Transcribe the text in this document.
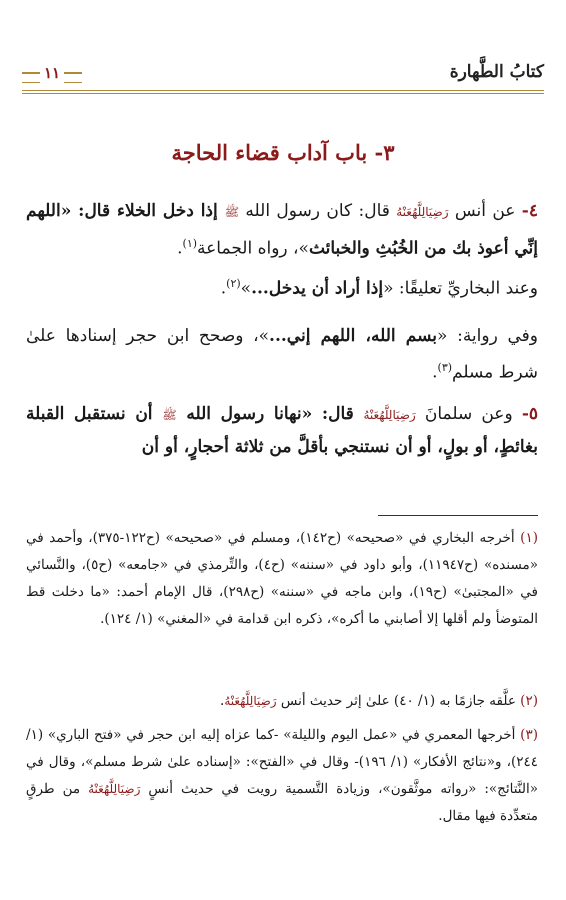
كتابُ الطَّهارة
١١
٣- باب آداب قضاء الحاجة
٤- عن أنس رَضِيَالِلَّهُعَنْهُ قال: كان رسول الله ﷺ إذا دخل الخلاء قال: «اللهم إنِّي أعوذ بك من الخُبُثِ والخبائث»، رواه الجماعة$^{(١)}$.
وعند البخاريِّ تعليقًا: «إذا أراد أن يدخل...»$^{(٢)}$.
وفي رواية: «بسم الله، اللهم إني...»، وصحح ابن حجر إسنادها علىٰ شرط مسلم$^{(٣)}$.
٥- وعن سلمانَ رَضِيَالِلَّهُعَنْهُ قال: «نهانا رسول الله ﷺ أن نستقبل القبلة بغائطٍ، أو بولٍ، أو أن نستنجي بأقلَّ من ثلاثة أحجارٍ، أو أن
(١) أخرجه البخاري في «صحيحه» (ح١٤٢)، ومسلم في «صحيحه» (ح١٢٢-٣٧٥)، وأحمد في «مسنده» (ح١١٩٤٧)، وأبو داود في «سننه» (ح٤)، والتِّرمذي في «جامعه» (ح٥)، والنَّسائي في «المجتبیٰ» (ح١٩)، وابن ماجه في «سننه» (ح٢٩٨)، قال الإمام أحمد: «ما دخلت قط المتوضأ ولم أقلها إلا أصابني ما أكره»، ذكره ابن قدامة في «المغني» (١/ ١٢٤).
(٢) علَّقه جازمًا به (١/ ٤٠) علىٰ إثر حديث أنس رَضِيَالِلَّهُعَنْهُ.
(٣) أخرجها المعمري في «عمل اليوم والليلة» -كما عزاه إليه ابن حجر في «فتح الباري» (١/ ٢٤٤)، و«نتائج الأفكار» (١/ ١٩٦)- وقال في «الفتح»: «إسناده علىٰ شرط مسلم»، وقال في «النَّتائج»: «رواته موثَّقون»، وزيادة التَّسمية رويت في حديث أنسٍ رَضِيَالِلَّهُعَنْهُ من طرقٍ متعدِّدة فيها مقال.
